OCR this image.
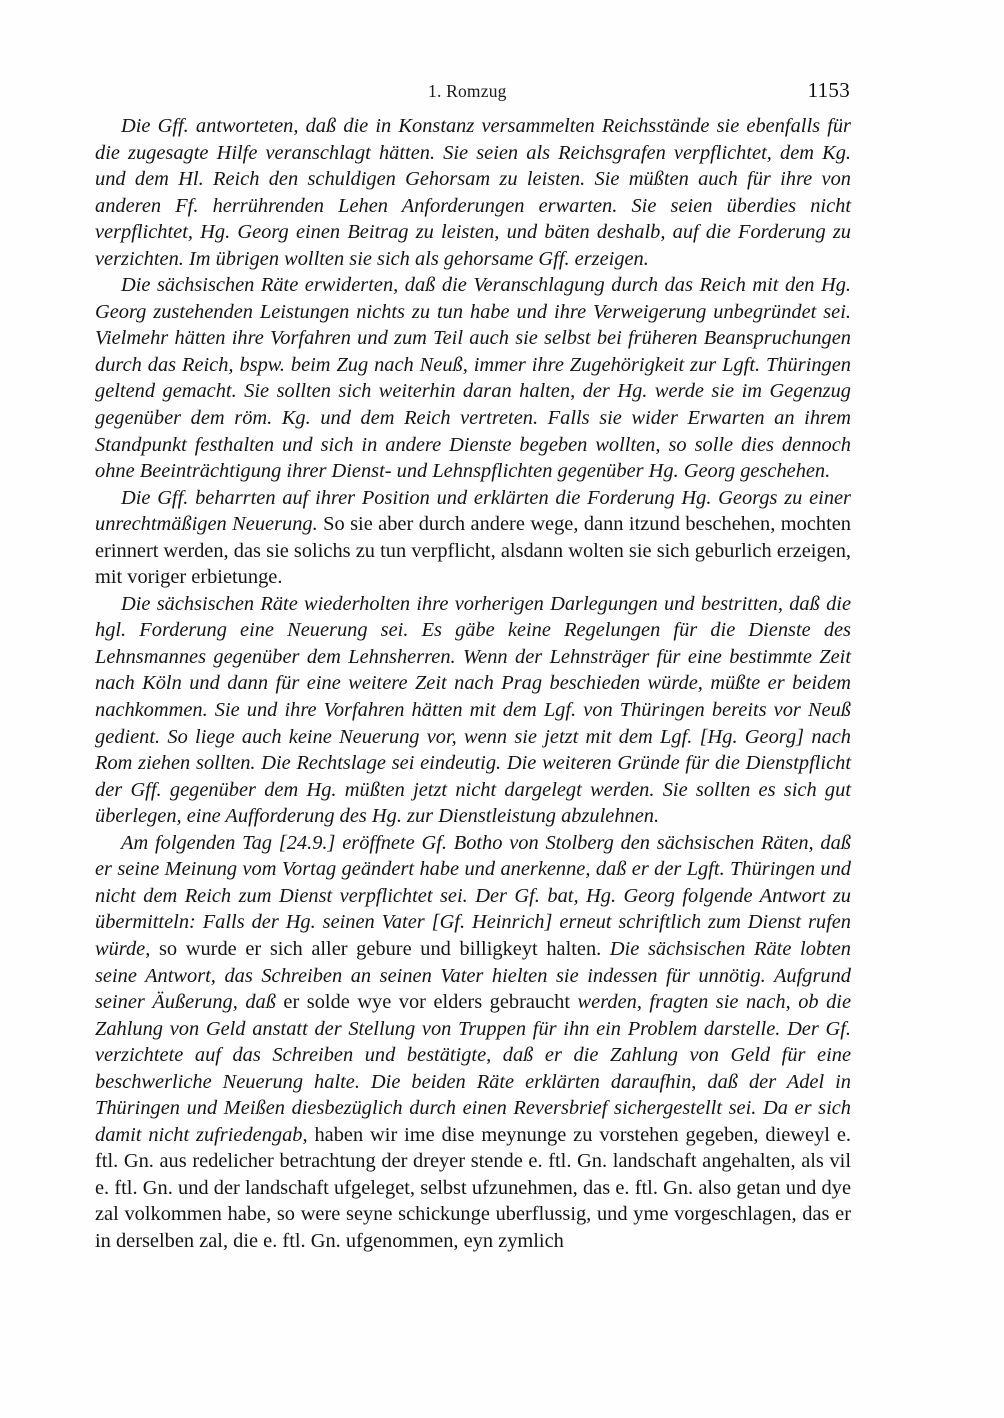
1. Romzug	1153

Die Gff. antworteten, daß die in Konstanz versammelten Reichsstände sie ebenfalls für die zugesagte Hilfe veranschlagt hätten. Sie seien als Reichsgrafen verpflichtet, dem Kg. und dem Hl. Reich den schuldigen Gehorsam zu leisten. Sie müßten auch für ihre von anderen Ff. herrührenden Lehen Anforderungen erwarten. Sie seien überdies nicht verpflichtet, Hg. Georg einen Beitrag zu leisten, und bäten deshalb, auf die Forderung zu verzichten. Im übrigen wollten sie sich als gehorsame Gff. erzeigen.

Die sächsischen Räte erwiderten, daß die Veranschlagung durch das Reich mit den Hg. Georg zustehenden Leistungen nichts zu tun habe und ihre Verweigerung unbegründet sei. Vielmehr hätten ihre Vorfahren und zum Teil auch sie selbst bei früheren Beanspruchungen durch das Reich, bspw. beim Zug nach Neuß, immer ihre Zugehörigkeit zur Lgft. Thüringen geltend gemacht. Sie sollten sich weiterhin daran halten, der Hg. werde sie im Gegenzug gegenüber dem röm. Kg. und dem Reich vertreten. Falls sie wider Erwarten an ihrem Standpunkt festhalten und sich in andere Dienste begeben wollten, so solle dies dennoch ohne Beeinträchtigung ihrer Dienst- und Lehnspflichten gegenüber Hg. Georg geschehen.

Die Gff. beharrten auf ihrer Position und erklärten die Forderung Hg. Georgs zu einer unrechtmäßigen Neuerung. So sie aber durch andere wege, dann itzund beschehen, mochten erinnert werden, das sie solichs zu tun verpflicht, alsdann wolten sie sich geburlich erzeigen, mit voriger erbietunge.

Die sächsischen Räte wiederholten ihre vorherigen Darlegungen und bestritten, daß die hgl. Forderung eine Neuerung sei. Es gäbe keine Regelungen für die Dienste des Lehnsmannes gegenüber dem Lehnsherren. Wenn der Lehnsträger für eine bestimmte Zeit nach Köln und dann für eine weitere Zeit nach Prag beschieden würde, müßte er beidem nachkommen. Sie und ihre Vorfahren hätten mit dem Lgf. von Thüringen bereits vor Neuß gedient. So liege auch keine Neuerung vor, wenn sie jetzt mit dem Lgf. [Hg. Georg] nach Rom ziehen sollten. Die Rechtslage sei eindeutig. Die weiteren Gründe für die Dienstpflicht der Gff. gegenüber dem Hg. müßten jetzt nicht dargelegt werden. Sie sollten es sich gut überlegen, eine Aufforderung des Hg. zur Dienstleistung abzulehnen.

Am folgenden Tag [24.9.] eröffnete Gf. Botho von Stolberg den sächsischen Räten, daß er seine Meinung vom Vortag geändert habe und anerkenne, daß er der Lgft. Thüringen und nicht dem Reich zum Dienst verpflichtet sei. Der Gf. bat, Hg. Georg folgende Antwort zu übermitteln: Falls der Hg. seinen Vater [Gf. Heinrich] erneut schriftlich zum Dienst rufen würde, so wurde er sich aller gebure und billigkeyt halten. Die sächsischen Räte lobten seine Antwort, das Schreiben an seinen Vater hielten sie indessen für unnötig. Aufgrund seiner Äußerung, daß er solde wye vor elders gebraucht werden, fragten sie nach, ob die Zahlung von Geld anstatt der Stellung von Truppen für ihn ein Problem darstelle. Der Gf. verzichtete auf das Schreiben und bestätigte, daß er die Zahlung von Geld für eine beschwerliche Neuerung halte. Die beiden Räte erklärten daraufhin, daß der Adel in Thüringen und Meißen diesbezüglich durch einen Reversbrief sichergestellt sei. Da er sich damit nicht zufriedengab, haben wir ime dise meynunge zu vorstehen gegeben, dieweyl e. ftl. Gn. aus redelicher betrachtung der dreyer stende e. ftl. Gn. landschaft angehalten, als vil e. ftl. Gn. und der landschaft ufgeleget, selbst ufzunehmen, das e. ftl. Gn. also getan und dye zal volkommen habe, so were seyne schickunge uberflussig, und yme vorgeschlagen, das er in derselben zal, die e. ftl. Gn. ufgenommen, eyn zymlich
